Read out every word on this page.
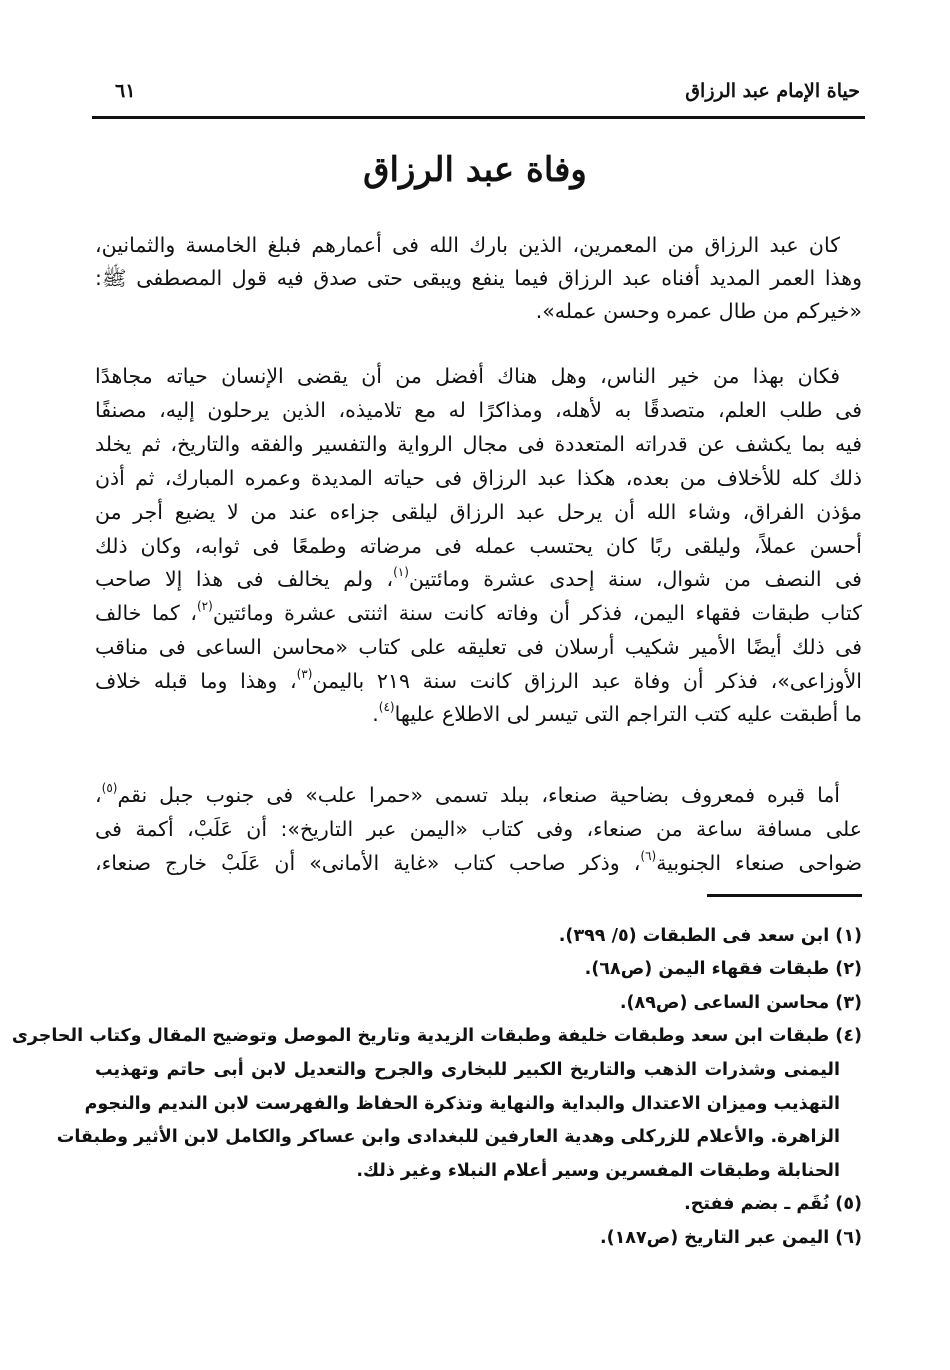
حياة الإمام عبد الرزاق
٦١
وفاة عبد الرزاق
كان عبد الرزاق من المعمرين، الذين بارك الله فى أعمارهم فبلغ الخامسة والثمانين،
وهذا العمر المديد أفناه عبد الرزاق فيما ينفع ويبقى حتى صدق فيه قول المصطفى ﷺ:
«خيركم من طال عمره وحسن عمله».
فكان بهذا من خير الناس، وهل هناك أفضل من أن يقضى الإنسان حياته مجاهدًا
فى طلب العلم، متصدقًا به لأهله، ومذاكرًا له مع تلاميذه، الذين يرحلون إليه، مصنفًا
فيه بما يكشف عن قدراته المتعددة فى مجال الرواية والتفسير والفقه والتاريخ، ثم يخلد
ذلك كله للأخلاف من بعده، هكذا عبد الرزاق فى حياته المديدة وعمره المبارك، ثم أذن
مؤذن الفراق، وشاء الله أن يرحل عبد الرزاق ليلقى جزاءه عند من لا يضيع أجر من
أحسن عملاً، وليلقى ربًا كان يحتسب عمله فى مرضاته وطمعًا فى ثوابه، وكان ذلك
فى النصف من شوال، سنة إحدى عشرة ومائتين$^{(١)}$، ولم يخالف فى هذا إلا صاحب
كتاب طبقات فقهاء اليمن، فذكر أن وفاته كانت سنة اثنتى عشرة ومائتين$^{(٢)}$، كما خالف
فى ذلك أيضًا الأمير شكيب أرسلان فى تعليقه على كتاب «محاسن الساعى فى مناقب
الأوزاعى»، فذكر أن وفاة عبد الرزاق كانت سنة ٢١٩ باليمن$^{(٣)}$، وهذا وما قبله خلاف
ما أطبقت عليه كتب التراجم التى تيسر لى الاطلاع عليها$^{(٤)}$.
أما قبره فمعروف بضاحية صنعاء، ببلد تسمى «حمرا علب» فى جنوب جبل نقم$^{(٥)}$،
على مسافة ساعة من صنعاء، وفى كتاب «اليمن عبر التاريخ»: أن عَلَبْ، أكمة فى
ضواحى صنعاء الجنوبية$^{(٦)}$، وذكر صاحب كتاب «غاية الأمانى» أن عَلَبْ خارج صنعاء،
(١) ابن سعد فى الطبقات (٥/ ٣٩٩).
(٢) طبقات فقهاء اليمن (ص٦٨).
(٣) محاسن الساعى (ص٨٩).
(٤) طبقات ابن سعد وطبقات خليفة وطبقات الزيدية وتاريخ الموصل وتوضيح المقال وكتاب الحاجرى
اليمنى وشذرات الذهب والتاريخ الكبير للبخارى والجرح والتعديل لابن أبى حاتم وتهذيب
التهذيب وميزان الاعتدال والبداية والنهاية وتذكرة الحفاظ والفهرست لابن النديم والنجوم
الزاهرة. والأعلام للزركلى وهدية العارفين للبغدادى وابن عساكر والكامل لابن الأثير وطبقات
الحنابلة وطبقات المفسرين وسير أعلام النبلاء وغير ذلك.
(٥) نُقَم ـ بضم ففتح.
(٦) اليمن عبر التاريخ (ص١٨٧).
